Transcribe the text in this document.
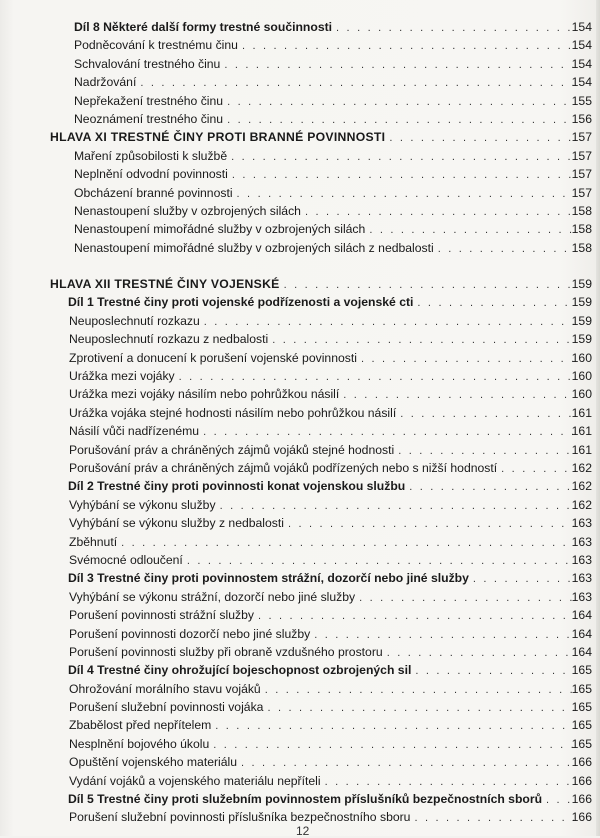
Díl 8 Některé další formy trestné součinnosti . . .	154
Podněcování k trestnému činu . . .	154
Schvalování trestného činu . . .	154
Nadržování . . .	154
Nepřekažení trestného činu . . .	155
Neoznámení trestného činu . . .	156
HLAVA XI TRESTNÉ ČINY PROTI BRANNÉ POVINNOSTI . . .	157
Maření způsobilosti k službě . . .	157
Neplnění odvodní povinnosti . . .	157
Obcházení branné povinnosti . . .	157
Nenastoupení služby v ozbrojených silách . . .	158
Nenastoupení mimořádné služby v ozbrojených silách . . .	158
Nenastoupení mimořádné služby v ozbrojených silách z nedbalosti . . .	158
HLAVA XII TRESTNÉ ČINY VOJENSKÉ . . .	159
Díl 1 Trestné činy proti vojenské podřízenosti a vojenské cti . . .	159
Neuposlechnutí rozkazu . . .	159
Neuposlechnutí rozkazu z nedbalosti . . .	159
Zprotivení a donucení k porušení vojenské povinnosti . . .	160
Urážka mezi vojáky . . .	160
Urážka mezi vojáky násilím nebo pohrůžkou násilí . . .	160
Urážka vojáka stejné hodnosti násilím nebo pohrůžkou násilí . . .	161
Násilí vůči nadřízenému . . .	161
Porušování práv a chráněných zájmů vojáků stejné hodnosti . . .	161
Porušování práv a chráněných zájmů vojáků podřízených nebo s nižší hodností . . .	162
Díl 2 Trestné činy proti povinnosti konat vojenskou službu . . .	162
Vyhýbání se výkonu služby . . .	162
Vyhýbání se výkonu služby z nedbalosti . . .	163
Zběhnutí . . .	163
Svémocné odloučení . . .	163
Díl 3 Trestné činy proti povinnostem strážní, dozorčí nebo jiné služby . . .	163
Vyhýbání se výkonu strážní, dozorčí nebo jiné služby . . .	163
Porušení povinnosti strážní služby . . .	164
Porušení povinnosti dozorčí nebo jiné služby . . .	164
Porušení povinnosti služby při obraně vzdušného prostoru . . .	164
Díl 4 Trestné činy ohrožující bojeschopnost ozbrojených sil . . .	165
Ohrožování morálního stavu vojáků . . .	165
Porušení služební povinnosti vojáka . . .	165
Zbabělost před nepřítelem . . .	165
Nesplnění bojového úkolu . . .	165
Opuštění vojenského materiálu . . .	166
Vydání vojáků a vojenského materiálu nepříteli . . .	166
Díl 5 Trestné činy proti služebním povinnostem příslušníků bezpečnostních sborů . . .	166
Porušení služební povinnosti příslušníka bezpečnostního sboru . . .	166
12
